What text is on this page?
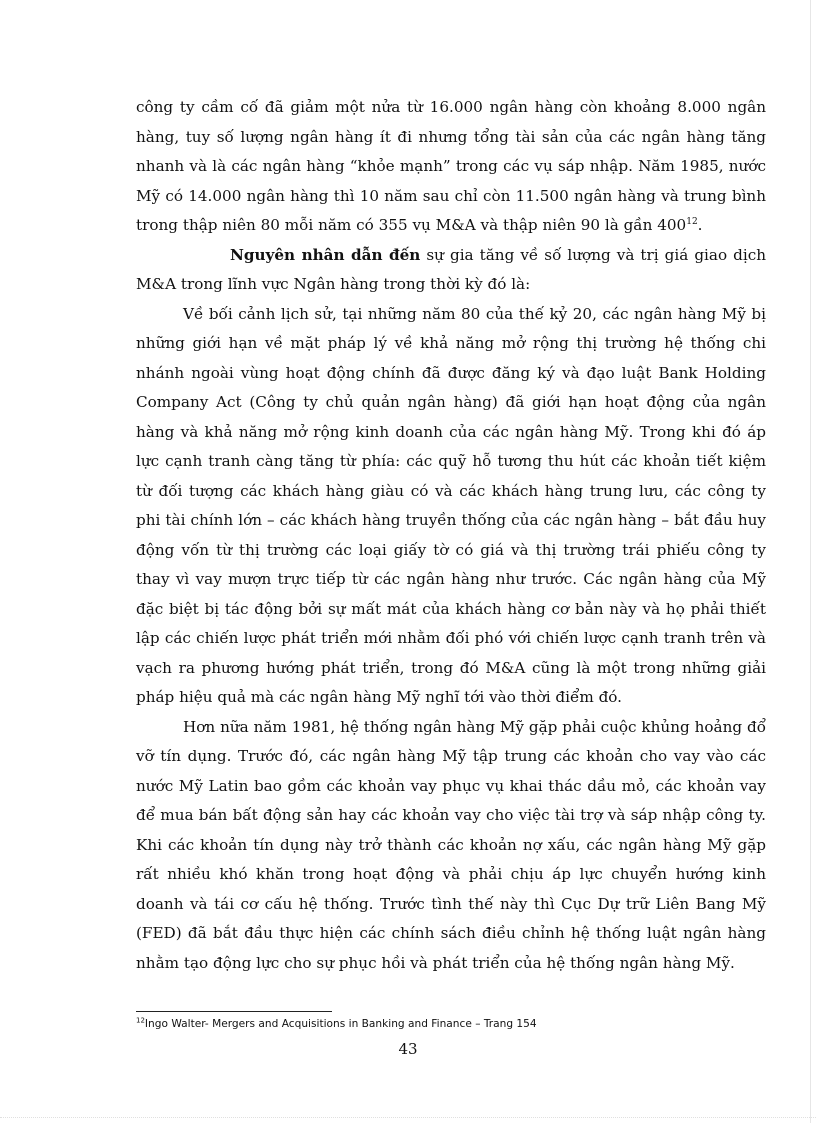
công ty cầm cố đã giảm một nửa từ 16.000 ngân hàng còn khoảng 8.000 ngân hàng, tuy số lượng ngân hàng ít đi nhưng tổng tài sản của các ngân hàng tăng nhanh và là các ngân hàng “khỏe mạnh” trong các vụ sáp nhập. Năm 1985, nước Mỹ có 14.000 ngân hàng thì 10 năm sau chỉ còn 11.500 ngân hàng và trung bình trong thập niên 80 mỗi năm có 355 vụ M&A và thập niên 90 là gần $400^{12}$.

Nguyên nhân dẫn đến sự gia tăng về số lượng và trị giá giao dịch M&A trong lĩnh vực Ngân hàng trong thời kỳ đó là:

Về bối cảnh lịch sử, tại những năm 80 của thế kỷ 20, các ngân hàng Mỹ bị những giới hạn về mặt pháp lý về khả năng mở rộng thị trường hệ thống chi nhánh ngoài vùng hoạt động chính đã được đăng ký và đạo luật Bank Holding Company Act (Công ty chủ quản ngân hàng) đã giới hạn hoạt động của ngân hàng và khả năng mở rộng kinh doanh của các ngân hàng Mỹ. Trong khi đó áp lực cạnh tranh càng tăng từ phía: các quỹ hỗ tương thu hút các khoản tiết kiệm từ đối tượng các khách hàng giàu có và các khách hàng trung lưu, các công ty phi tài chính lớn – các khách hàng truyền thống của các ngân hàng – bắt đầu huy động vốn từ thị trường các loại giấy tờ có giá và thị trường trái phiếu công ty thay vì vay mượn trực tiếp từ các ngân hàng như trước. Các ngân hàng của Mỹ đặc biệt bị tác động bởi sự mất mát của khách hàng cơ bản này và họ phải thiết lập các chiến lược phát triển mới nhằm đối phó với chiến lược cạnh tranh trên và vạch ra phương hướng phát triển, trong đó M&A cũng là một trong những giải pháp hiệu quả mà các ngân hàng Mỹ nghĩ tới vào thời điểm đó.

Hơn nữa năm 1981, hệ thống ngân hàng Mỹ gặp phải cuộc khủng hoảng đổ vỡ tín dụng. Trước đó, các ngân hàng Mỹ tập trung các khoản cho vay vào các nước Mỹ Latin bao gồm các khoản vay phục vụ khai thác dầu mỏ, các khoản vay để mua bán bất động sản hay các khoản vay cho việc tài trợ và sáp nhập công ty. Khi các khoản tín dụng này trở thành các khoản nợ xấu, các ngân hàng Mỹ gặp rất nhiều khó khăn trong hoạt động và phải chịu áp lực chuyển hướng kinh doanh và tái cơ cấu hệ thống. Trước tình thế này thì Cục Dự trữ Liên Bang Mỹ (FED) đã bắt đầu thực hiện các chính sách điều chỉnh hệ thống luật ngân hàng nhằm tạo động lực cho sự phục hồi và phát triển của hệ thống ngân hàng Mỹ.

$^{12}$Ingo Walter- Mergers and Acquisitions in Banking and Finance – Trang 154
43
